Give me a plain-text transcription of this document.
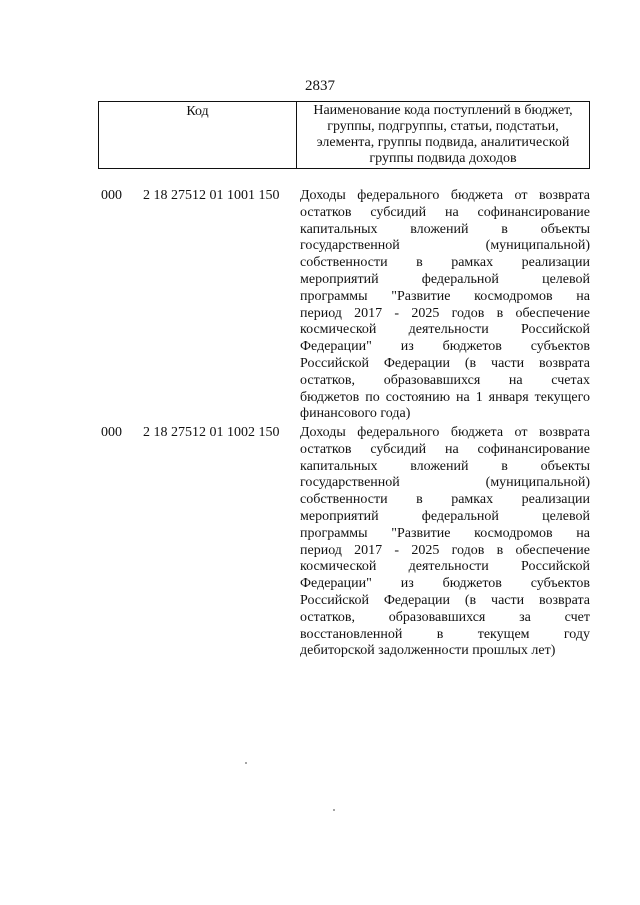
2837
Код	Наименование кода поступлений в бюджет,
группы, подгруппы, статьи, подстатьи,
элемента, группы подвида, аналитической
группы подвида доходов
000 2 18 27512 01 1001 150 Доходы федерального бюджета от возврата
остатков субсидий на софинансирование
капитальных вложений в объекты
государственной (муниципальной)
собственности в рамках реализации
мероприятий федеральной целевой
программы "Развитие космодромов на
период 2017 - 2025 годов в обеспечение
космической деятельности Российской
Федерации" из бюджетов субъектов
Российской Федерации (в части возврата
остатков, образовавшихся на счетах
бюджетов по состоянию на 1 января текущего
финансового года)
000 2 18 27512 01 1002 150 Доходы федерального бюджета от возврата
остатков субсидий на софинансирование
капитальных вложений в объекты
государственной (муниципальной)
собственности в рамках реализации
мероприятий федеральной целевой
программы "Развитие космодромов на
период 2017 - 2025 годов в обеспечение
космической деятельности Российской
Федерации" из бюджетов субъектов
Российской Федерации (в части возврата
остатков, образовавшихся за счет
восстановленной в текущем году
дебиторской задолженности прошлых лет)
